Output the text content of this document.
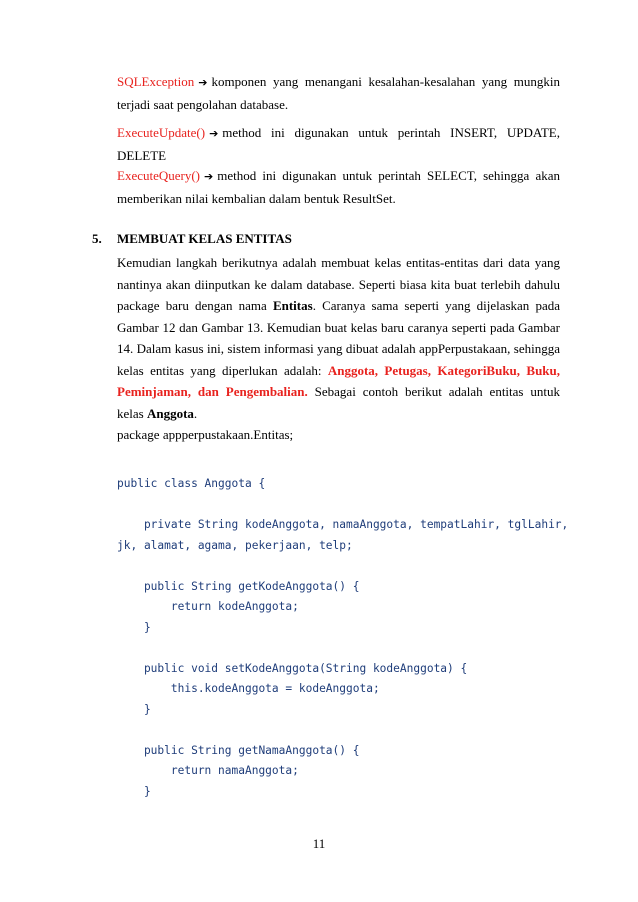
SQLException ➔ komponen yang menangani kesalahan-kesalahan yang mungkin terjadi saat pengolahan database.
ExecuteUpdate() ➔ method ini digunakan untuk perintah INSERT, UPDATE, DELETE
ExecuteQuery() ➔ method ini digunakan untuk perintah SELECT, sehingga akan memberikan nilai kembalian dalam bentuk ResultSet.
5. MEMBUAT KELAS ENTITAS
Kemudian langkah berikutnya adalah membuat kelas entitas-entitas dari data yang nantinya akan diinputkan ke dalam database. Seperti biasa kita buat terlebih dahulu package baru dengan nama Entitas. Caranya sama seperti yang dijelaskan pada Gambar 12 dan Gambar 13. Kemudian buat kelas baru caranya seperti pada Gambar 14. Dalam kasus ini, sistem informasi yang dibuat adalah appPerpustakaan, sehingga kelas entitas yang diperlukan adalah: Anggota, Petugas, KategoriBuku, Buku, Peminjaman, dan Pengembalian. Sebagai contoh berikut adalah entitas untuk kelas Anggota.
package appperpustakaan.Entitas;
public class Anggota {

private String kodeAnggota, namaAnggota, tempatLahir, tglLahir,
jk, alamat, agama, pekerjaan, telp;

public String getKodeAnggota() {
return kodeAnggota;
}

public void setKodeAnggota(String kodeAnggota) {
this.kodeAnggota = kodeAnggota;
}

public String getNamaAnggota() {
return namaAnggota;
}
11
